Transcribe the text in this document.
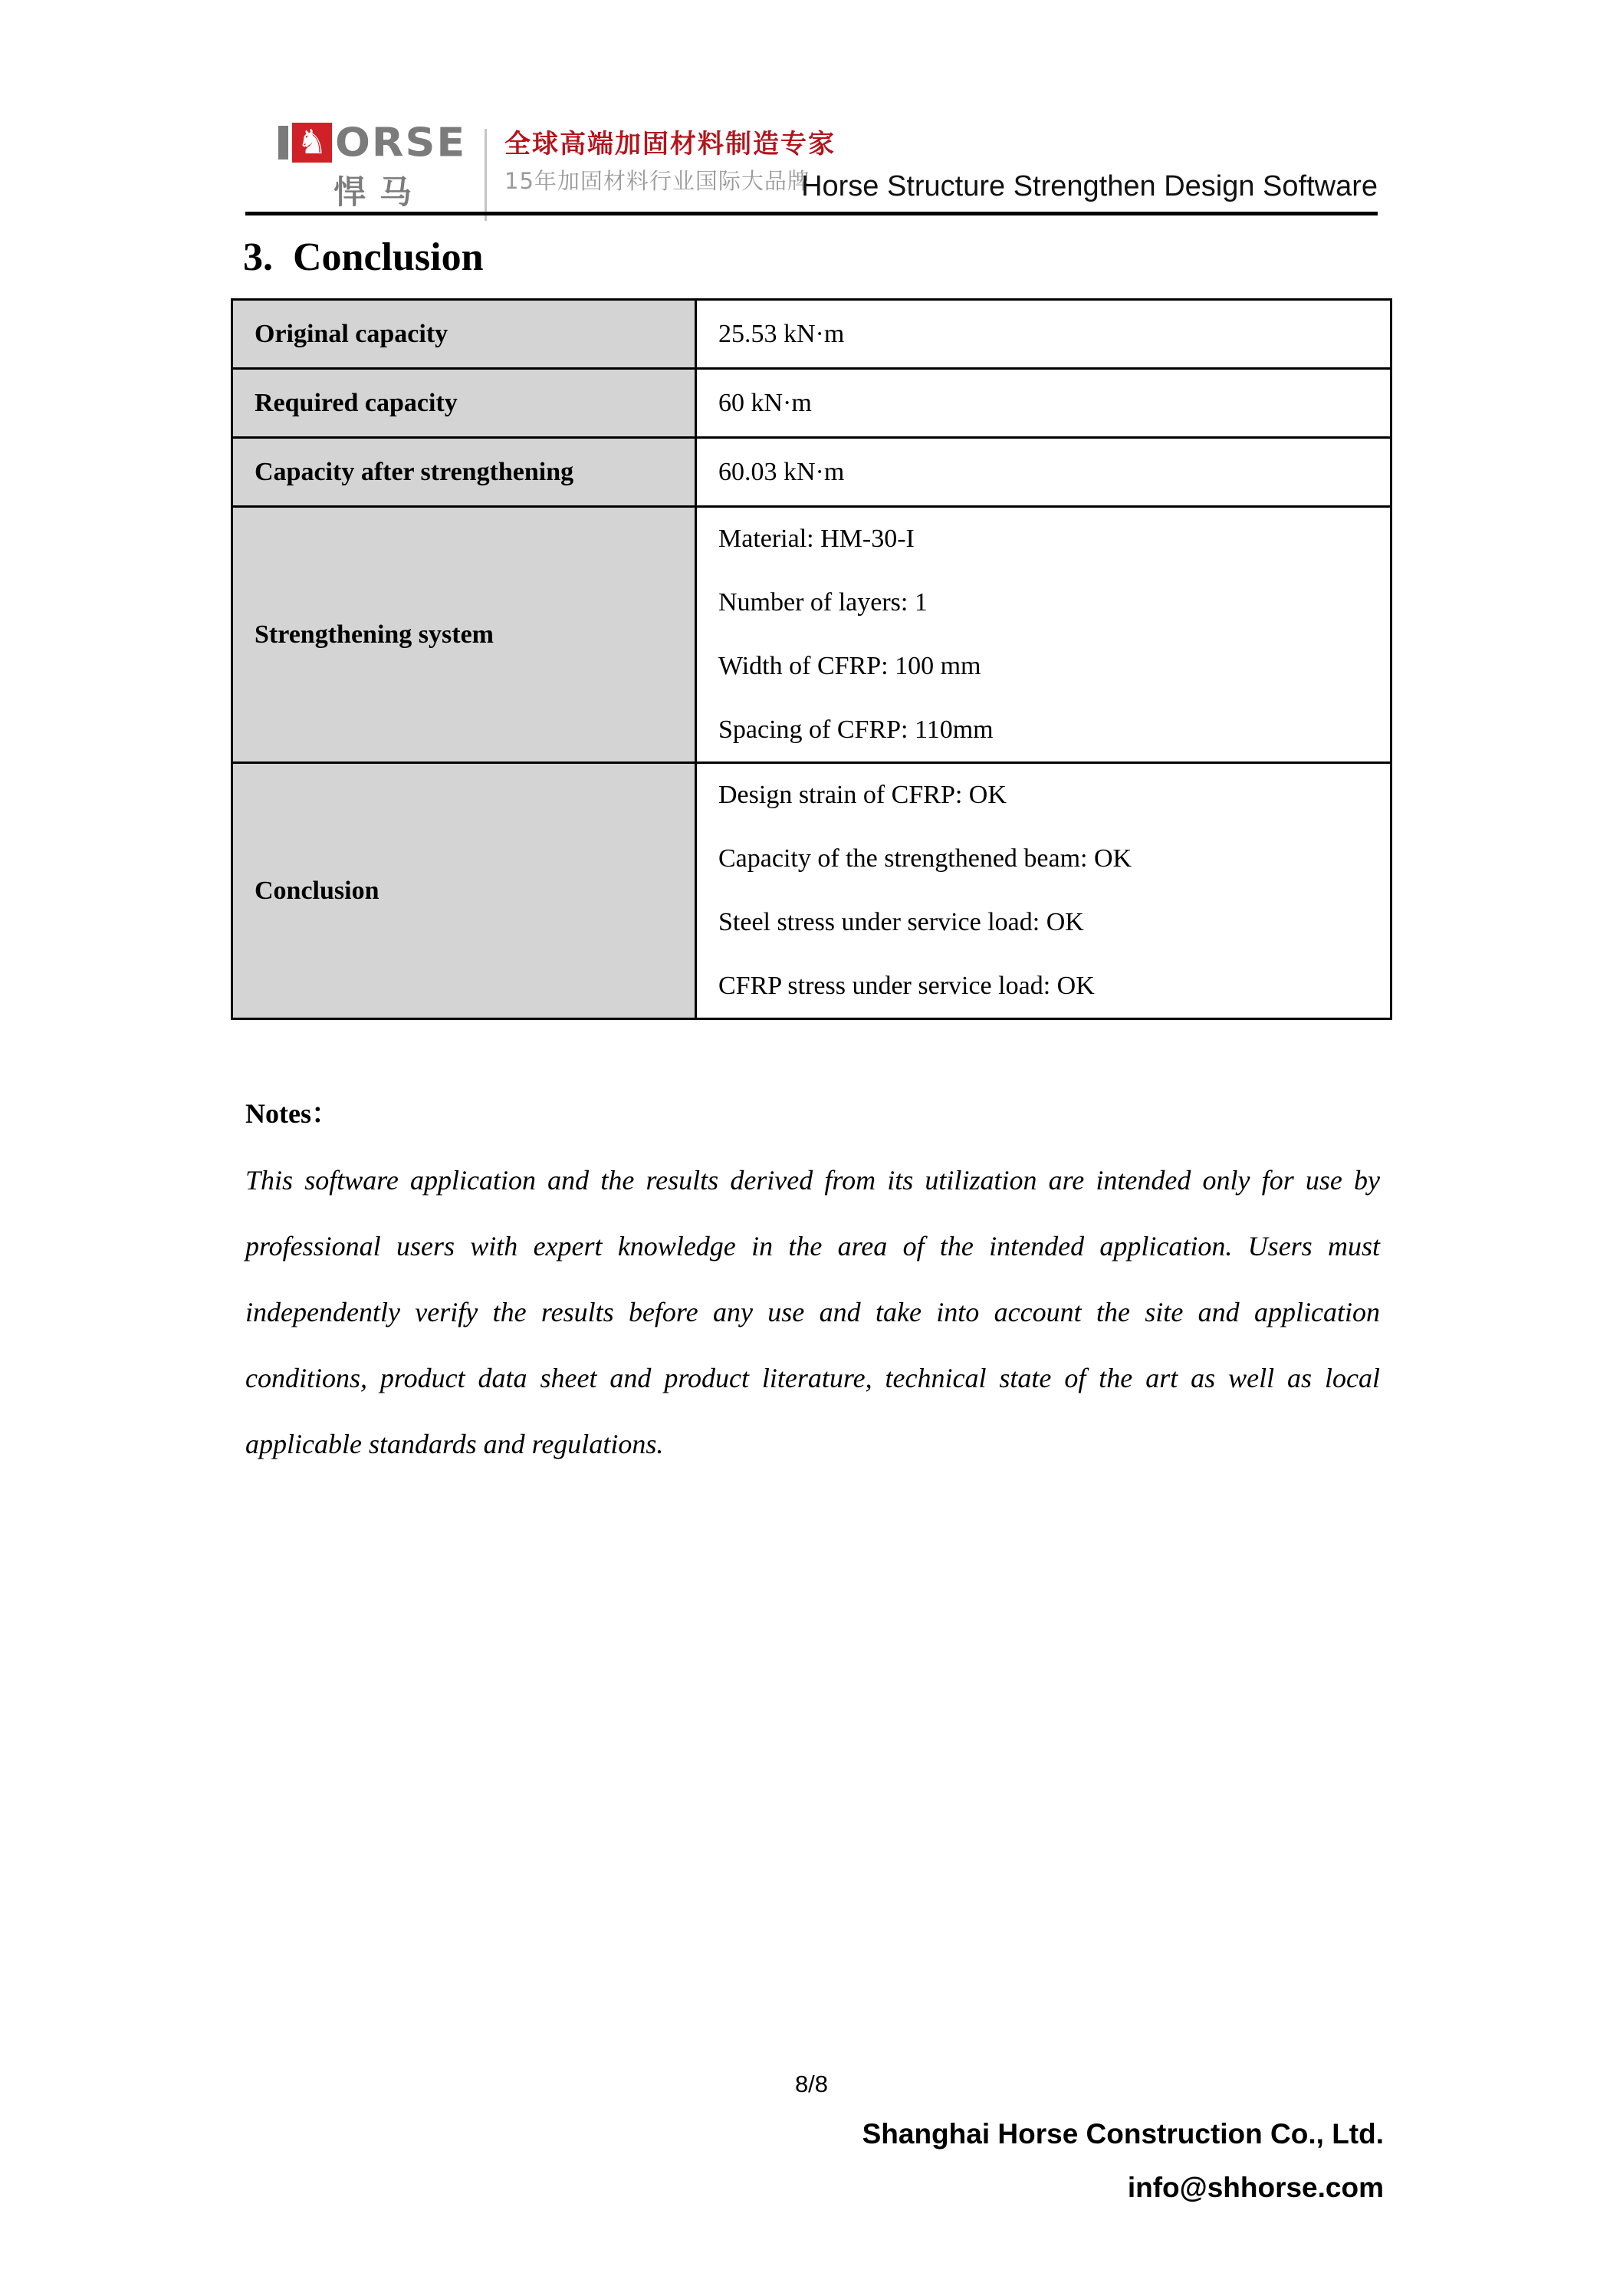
♞ ORSE
悍马
全球高端加固材料制造专家
15年加固材料行业国际大品牌
Horse Structure Strengthen Design Software
3. Conclusion
Original capacity	25.53 kN·m

Required capacity	60 kN·m

Capacity after strengthening	60.03 kN·m

Strengthening system	Material: HM-30-I
Number of layers: 1
Width of CFRP: 100 mm
Spacing of CFRP: 110mm

Conclusion	Design strain of CFRP: OK
Capacity of the strengthened beam: OK
Steel stress under service load: OK
CFRP stress under service load: OK
Notes：
This software application and the results derived from its utilization are intended only for use by professional users with expert knowledge in the area of the intended application. Users must independently verify the results before any use and take into account the site and application conditions, product data sheet and product literature, technical state of the art as well as local applicable standards and regulations.
8/8
Shanghai Horse Construction Co., Ltd.
info@shhorse.com
